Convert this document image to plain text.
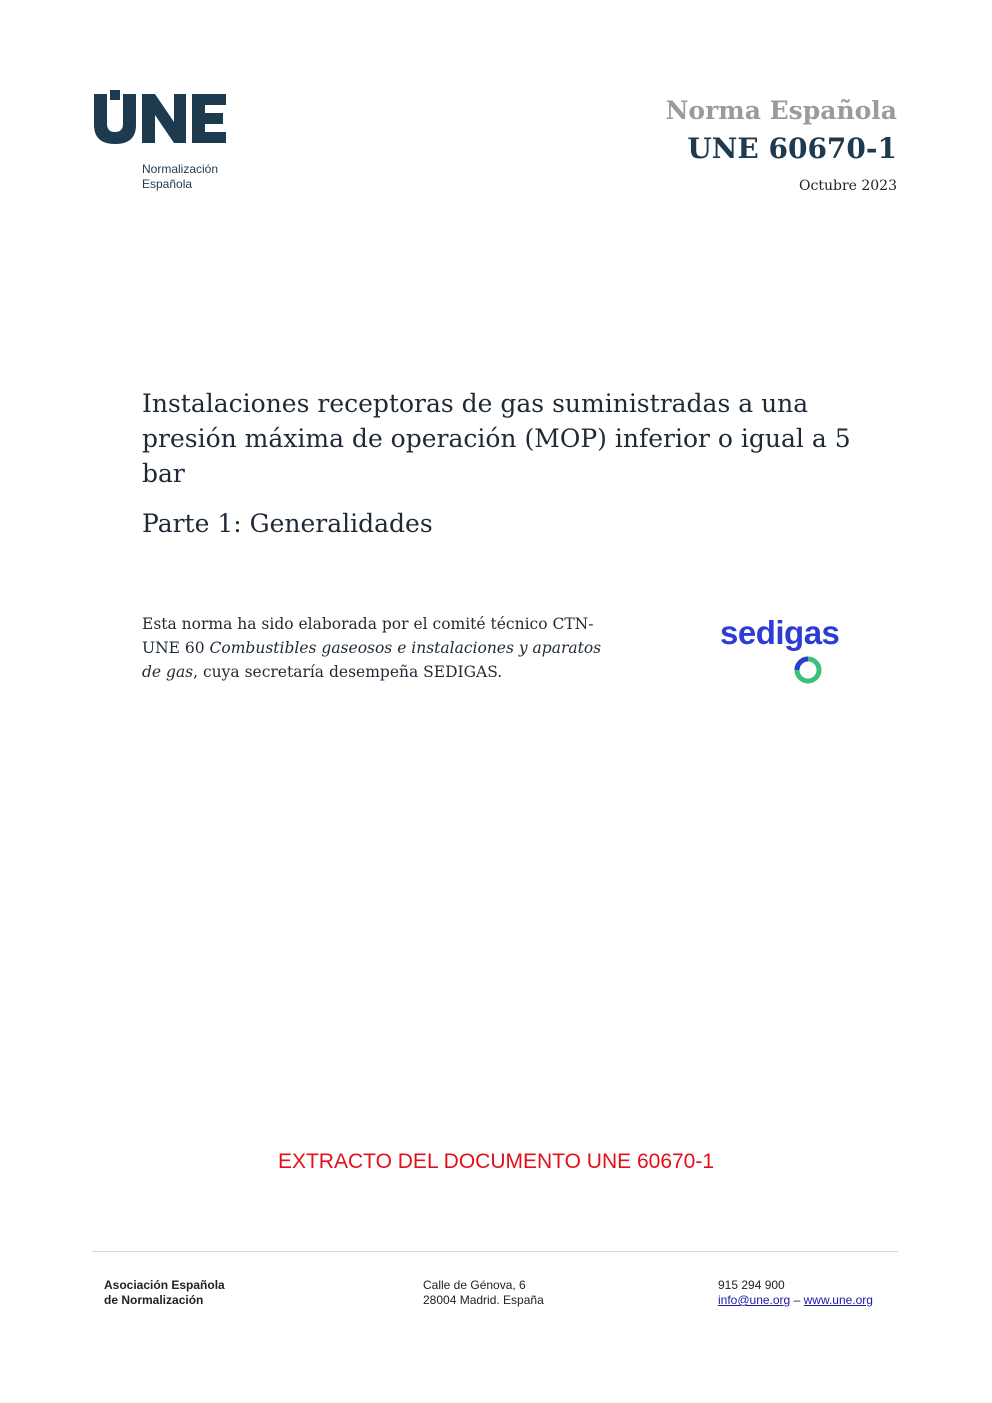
Normalización
Española
Norma Española
UNE 60670-1
Octubre 2023
Instalaciones receptoras de gas suministradas a una presión máxima de operación (MOP) inferior o igual a 5 bar
Parte 1: Generalidades
Esta norma ha sido elaborada por el comité técnico CTN-UNE 60 Combustibles gaseosos e instalaciones y aparatos de gas, cuya secretaría desempeña SEDIGAS.
sedigas
EXTRACTO DEL DOCUMENTO UNE 60670-1
Asociación Española
de Normalización
Calle de Génova, 6
28004 Madrid. España
915 294 900
info@une.org – www.une.org
